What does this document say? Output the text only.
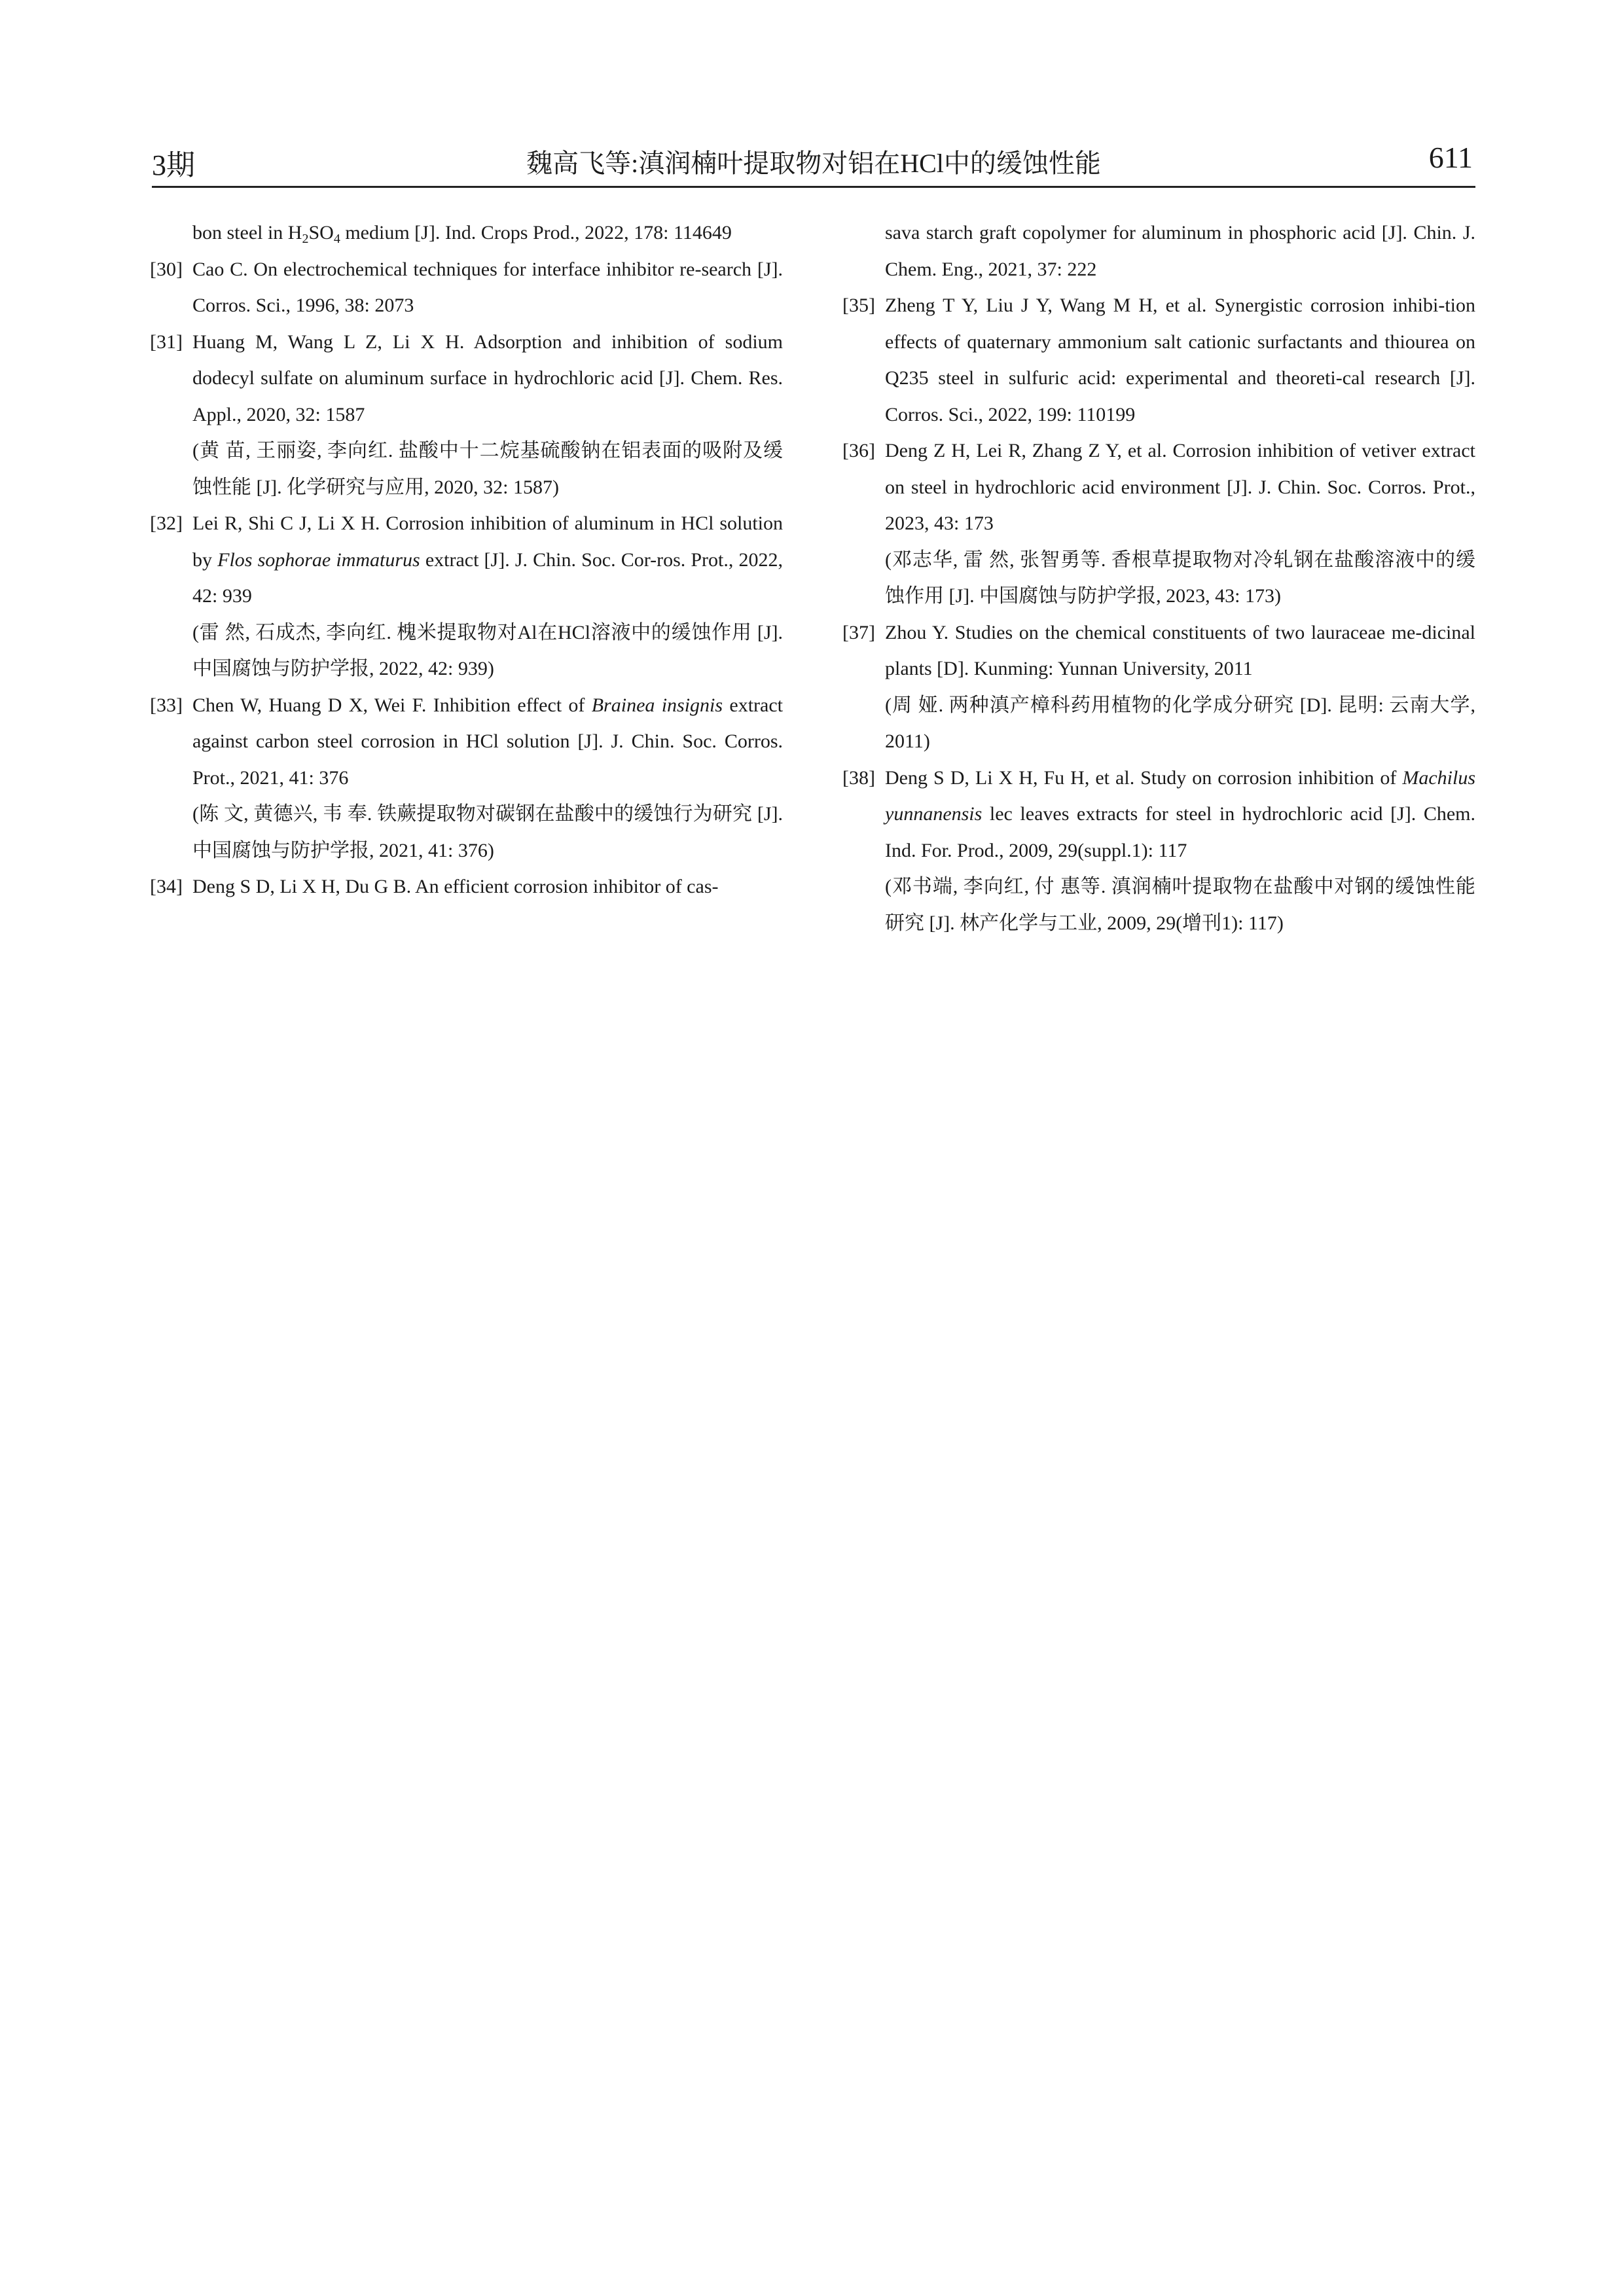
3期	魏高飞等:滇润楠叶提取物对铝在HCl中的缓蚀性能	611
bon steel in $H_2SO_4$ medium [J]. Ind. Crops Prod., 2022, 178: 114649
[30] Cao C. On electrochemical techniques for interface inhibitor re-search [J]. Corros. Sci., 1996, 38: 2073
[31] Huang M, Wang L Z, Li X H. Adsorption and inhibition of sodium dodecyl sulfate on aluminum surface in hydrochloric acid [J]. Chem. Res. Appl., 2020, 32: 1587
(黄 苗, 王丽姿, 李向红. 盐酸中十二烷基硫酸钠在铝表面的吸附及缓蚀性能 [J]. 化学研究与应用, 2020, 32: 1587)
[32] Lei R, Shi C J, Li X H. Corrosion inhibition of aluminum in HCl solution by Flos sophorae immaturus extract [J]. J. Chin. Soc. Cor-ros. Prot., 2022, 42: 939
(雷 然, 石成杰, 李向红. 槐米提取物对Al在HCl溶液中的缓蚀作用 [J]. 中国腐蚀与防护学报, 2022, 42: 939)
[33] Chen W, Huang D X, Wei F. Inhibition effect of Brainea insignis extract against carbon steel corrosion in HCl solution [J]. J. Chin. Soc. Corros. Prot., 2021, 41: 376
(陈 文, 黄德兴, 韦 奉. 铁蕨提取物对碳钢在盐酸中的缓蚀行为研究 [J]. 中国腐蚀与防护学报, 2021, 41: 376)
[34] Deng S D, Li X H, Du G B. An efficient corrosion inhibitor of cas-
sava starch graft copolymer for aluminum in phosphoric acid [J]. Chin. J. Chem. Eng., 2021, 37: 222
[35] Zheng T Y, Liu J Y, Wang M H, et al. Synergistic corrosion inhibi-tion effects of quaternary ammonium salt cationic surfactants and thiourea on Q235 steel in sulfuric acid: experimental and theoreti-cal research [J]. Corros. Sci., 2022, 199: 110199
[36] Deng Z H, Lei R, Zhang Z Y, et al. Corrosion inhibition of vetiver extract on steel in hydrochloric acid environment [J]. J. Chin. Soc. Corros. Prot., 2023, 43: 173
(邓志华, 雷 然, 张智勇等. 香根草提取物对冷轧钢在盐酸溶液中的缓蚀作用 [J]. 中国腐蚀与防护学报, 2023, 43: 173)
[37] Zhou Y. Studies on the chemical constituents of two lauraceae me-dicinal plants [D]. Kunming: Yunnan University, 2011
(周 娅. 两种滇产樟科药用植物的化学成分研究 [D]. 昆明: 云南大学, 2011)
[38] Deng S D, Li X H, Fu H, et al. Study on corrosion inhibition of Machilus yunnanensis lec leaves extracts for steel in hydrochloric acid [J]. Chem. Ind. For. Prod., 2009, 29(suppl.1): 117
(邓书端, 李向红, 付 惠等. 滇润楠叶提取物在盐酸中对钢的缓蚀性能研究 [J]. 林产化学与工业, 2009, 29(增刊1): 117)
